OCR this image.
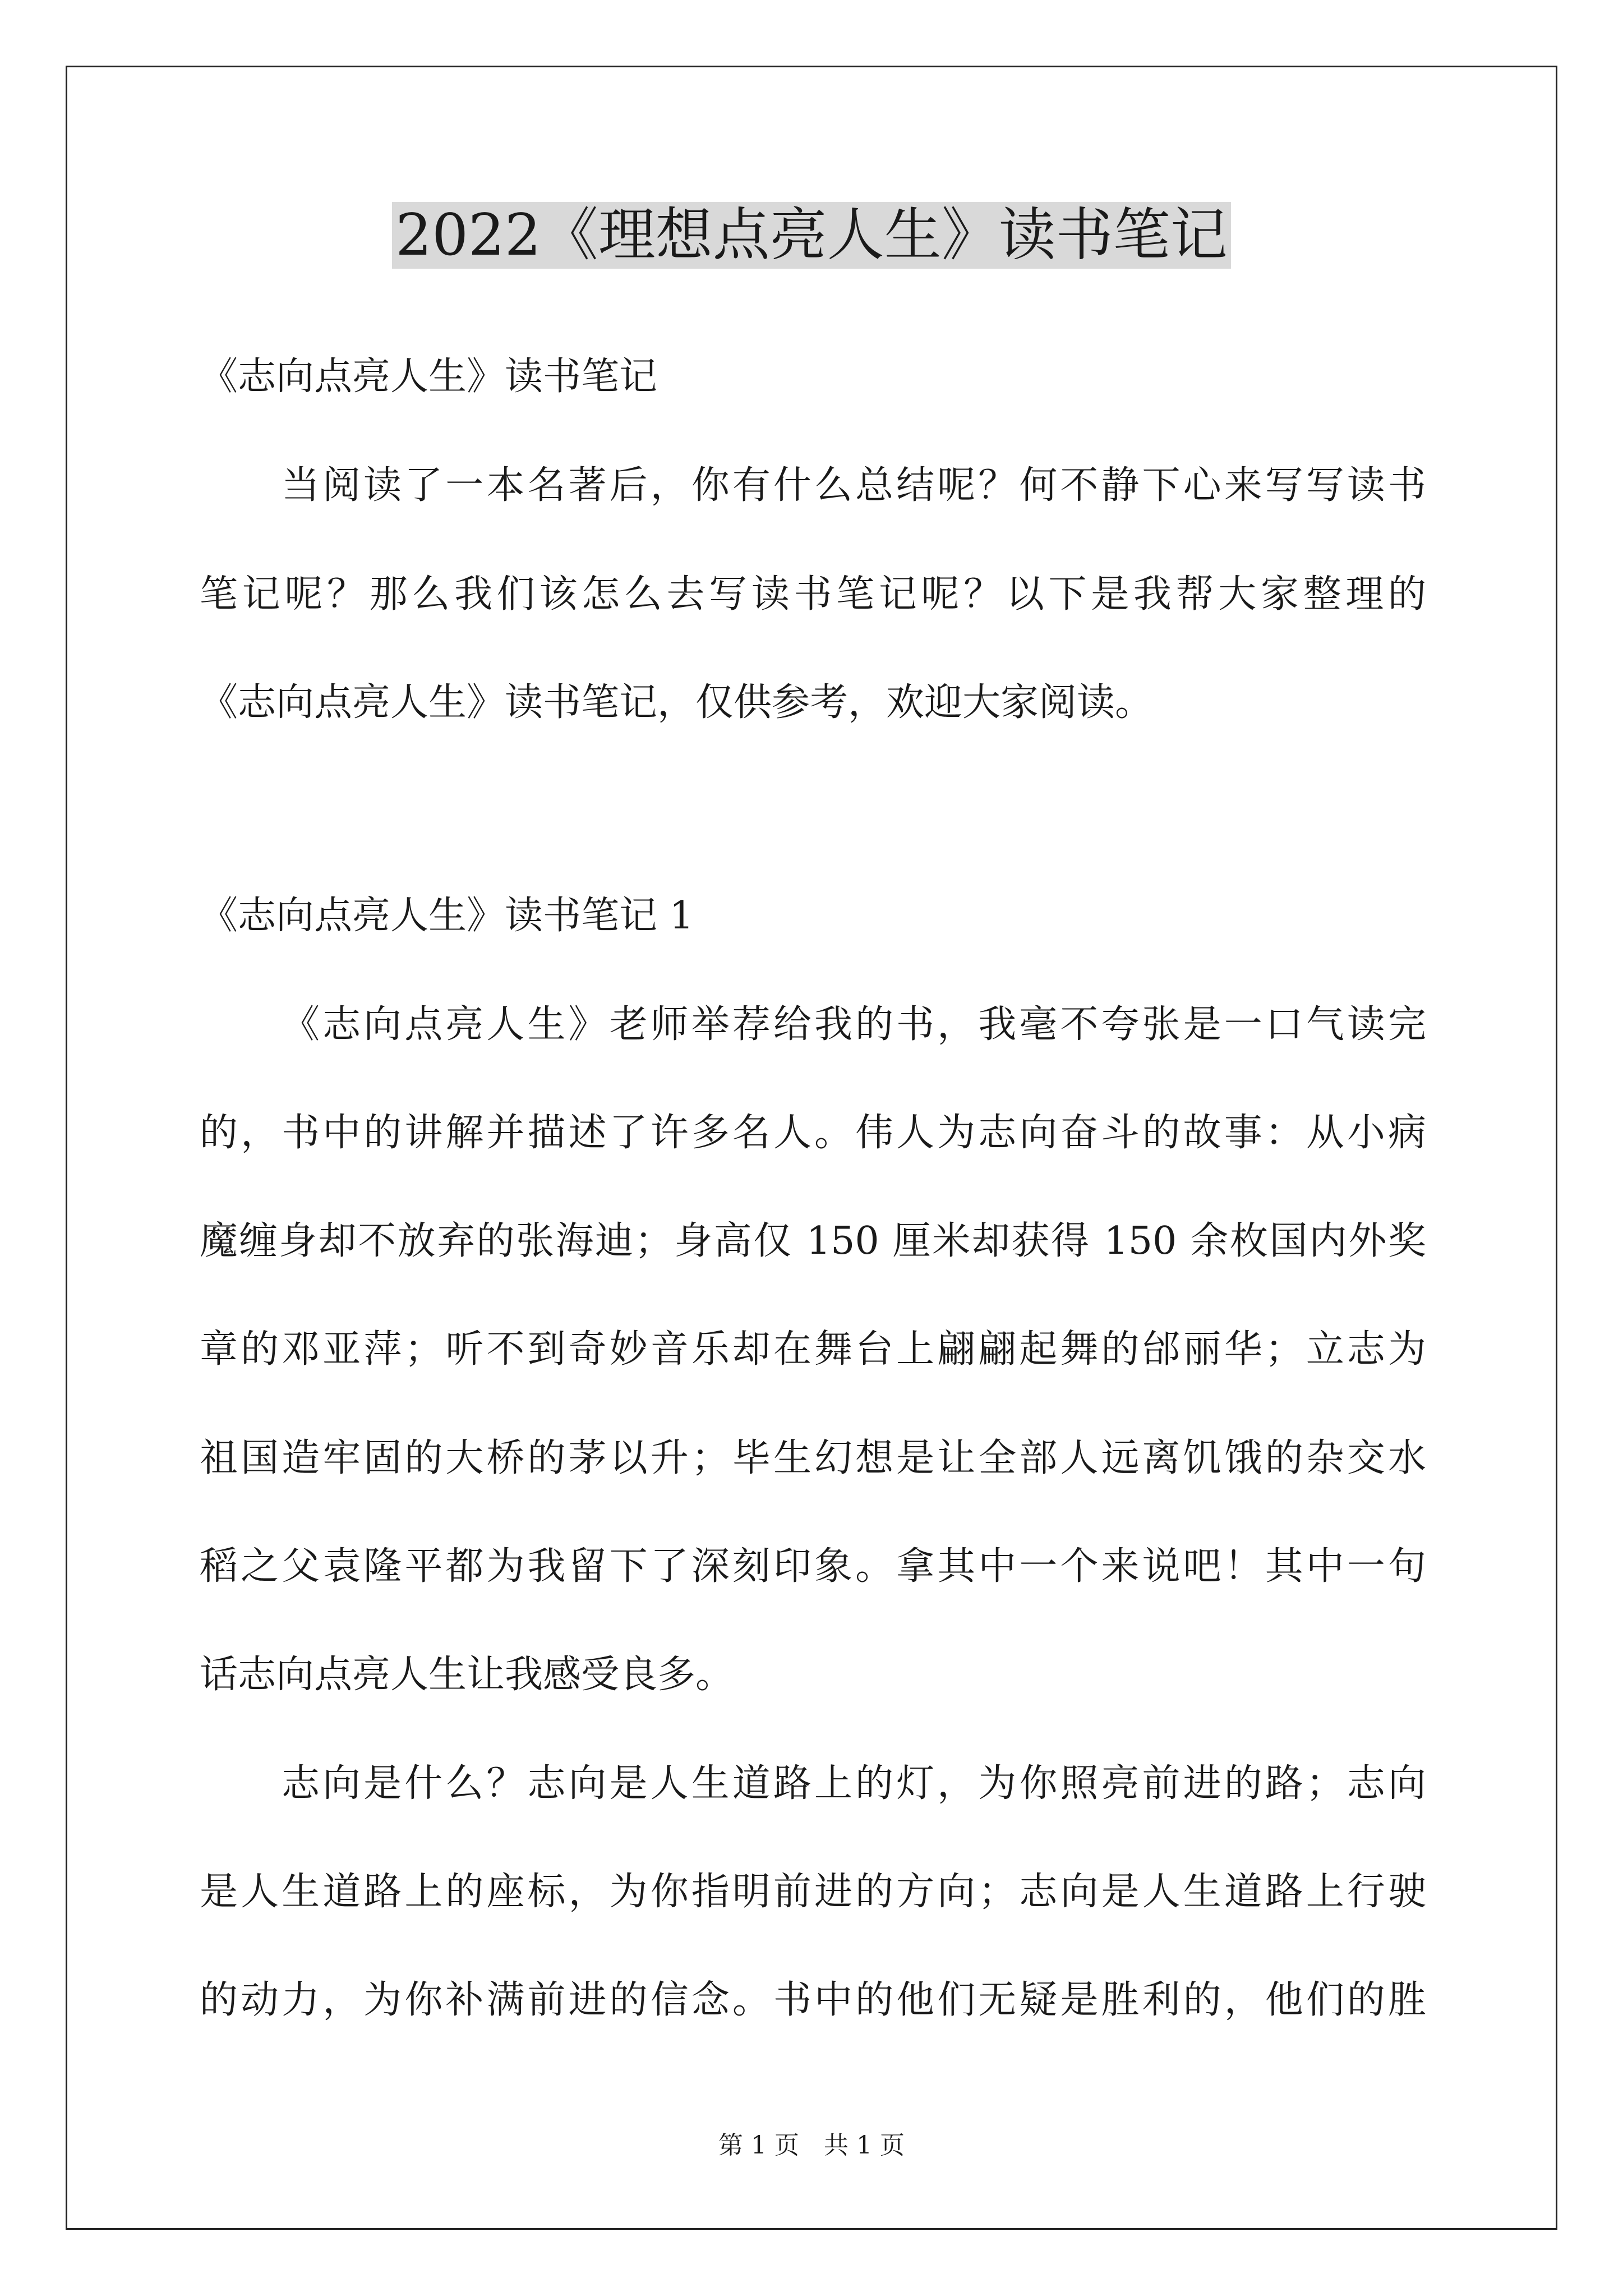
2022《理想点亮人生》读书笔记
《志向点亮人生》读书笔记
当阅读了一本名著后，你有什么总结呢？何不静下心来写写读书
笔记呢？那么我们该怎么去写读书笔记呢？以下是我帮大家整理的
《志向点亮人生》读书笔记，仅供参考，欢迎大家阅读。
《志向点亮人生》读书笔记 1
《志向点亮人生》老师举荐给我的书，我毫不夸张是一口气读完
的，书中的讲解并描述了许多名人。伟人为志向奋斗的故事：从小病
魔缠身却不放弃的张海迪；身高仅 150 厘米却获得 150 余枚国内外奖
章的邓亚萍；听不到奇妙音乐却在舞台上翩翩起舞的邰丽华；立志为
祖国造牢固的大桥的茅以升；毕生幻想是让全部人远离饥饿的杂交水
稻之父袁隆平都为我留下了深刻印象。拿其中一个来说吧！其中一句
话志向点亮人生让我感受良多。
志向是什么？志向是人生道路上的灯，为你照亮前进的路；志向
是人生道路上的座标，为你指明前进的方向；志向是人生道路上行驶
的动力，为你补满前进的信念。书中的他们无疑是胜利的，他们的胜
第 1 页　共 1 页
